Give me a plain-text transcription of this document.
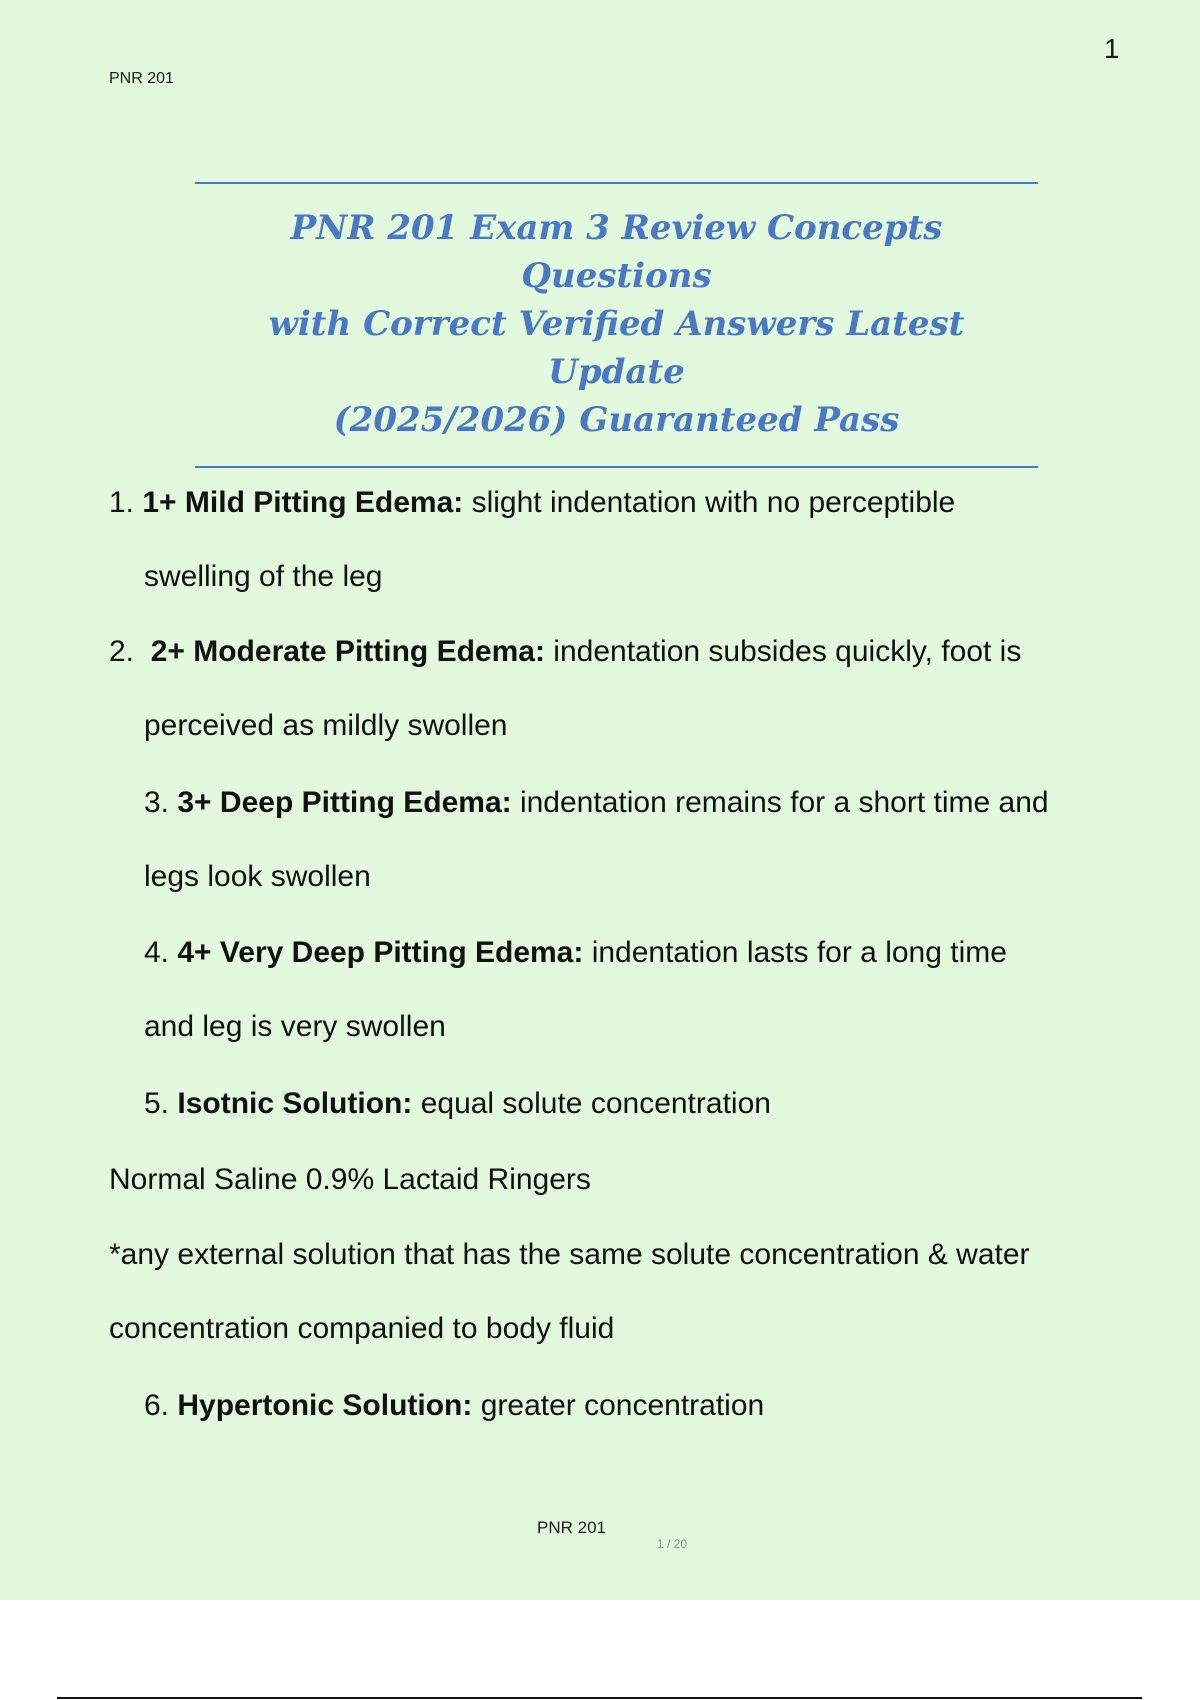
PNR 201
1
PNR 201 Exam 3 Review Concepts Questions
with Correct Verified Answers Latest Update
(2025/2026) Guaranteed Pass
1. 1+ Mild Pitting Edema: slight indentation with no perceptible
swelling of the leg
2. 2+ Moderate Pitting Edema: indentation subsides quickly, foot is
perceived as mildly swollen
3. 3+ Deep Pitting Edema: indentation remains for a short time and
legs look swollen
4. 4+ Very Deep Pitting Edema: indentation lasts for a long time
and leg is very swollen
5. Isotnic Solution: equal solute concentration
Normal Saline 0.9% Lactaid Ringers
*any external solution that has the same solute concentration & water
concentration companied to body fluid
6. Hypertonic Solution: greater concentration
PNR 201
1 / 20
